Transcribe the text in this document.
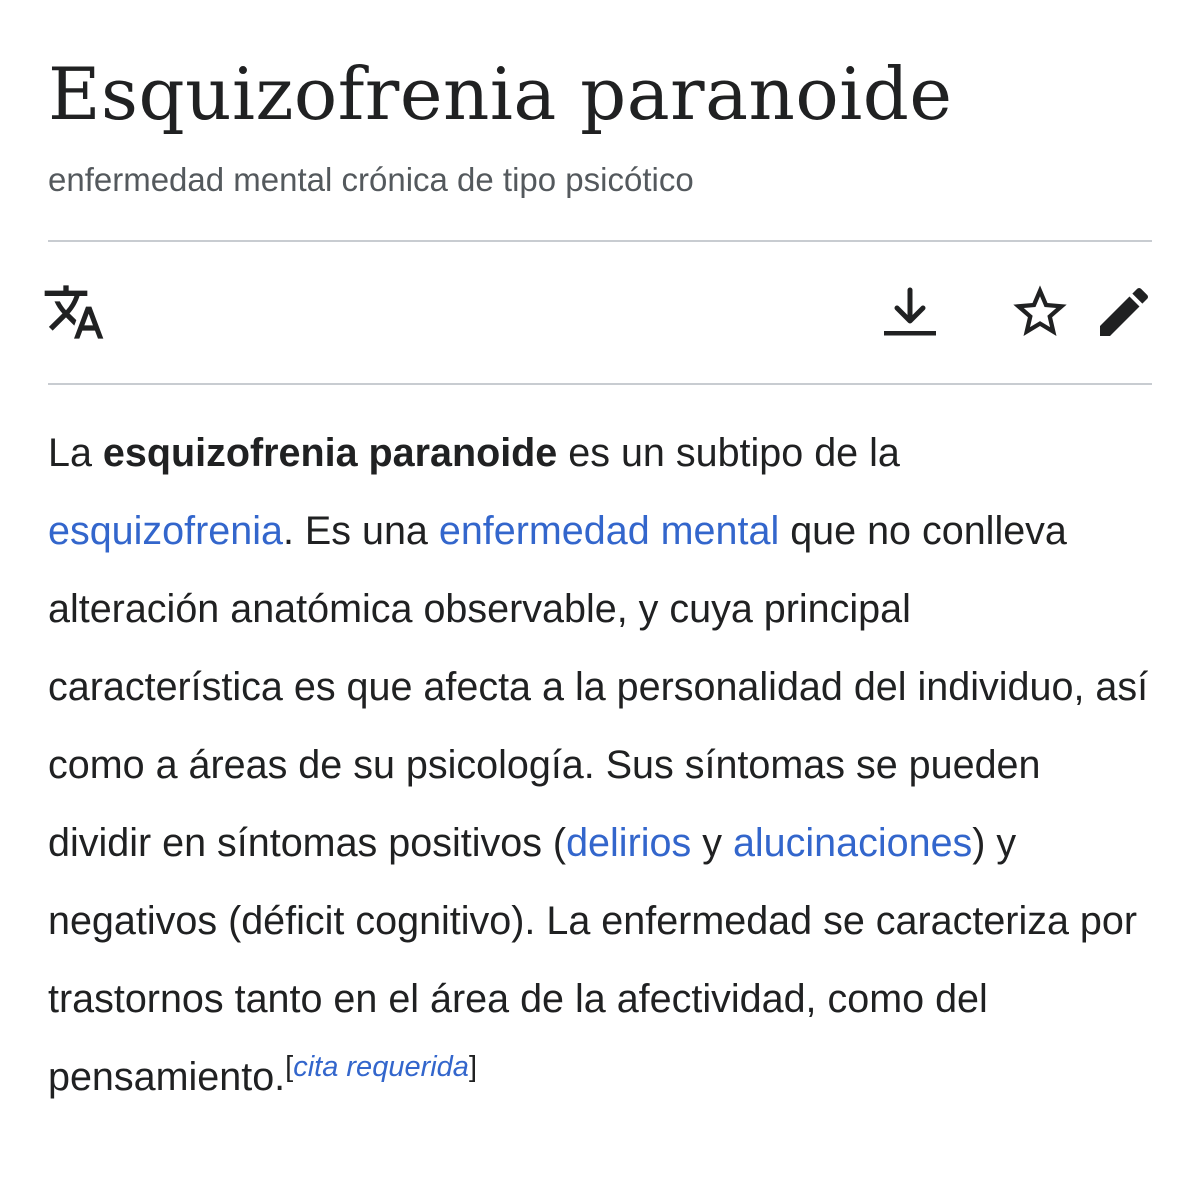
Esquizofrenia paranoide
enfermedad mental crónica de tipo psicótico

La esquizofrenia paranoide es un subtipo de la esquizofrenia. Es una enfermedad mental que no conlleva alteración anatómica observable, y cuya principal característica es que afecta a la personalidad del individuo, así como a áreas de su psicología. Sus síntomas se pueden dividir en síntomas positivos (delirios y alucinaciones) y negativos (déficit cognitivo). La enfermedad se caracteriza por trastornos tanto en el área de la afectividad, como del pensamiento.[cita requerida]
